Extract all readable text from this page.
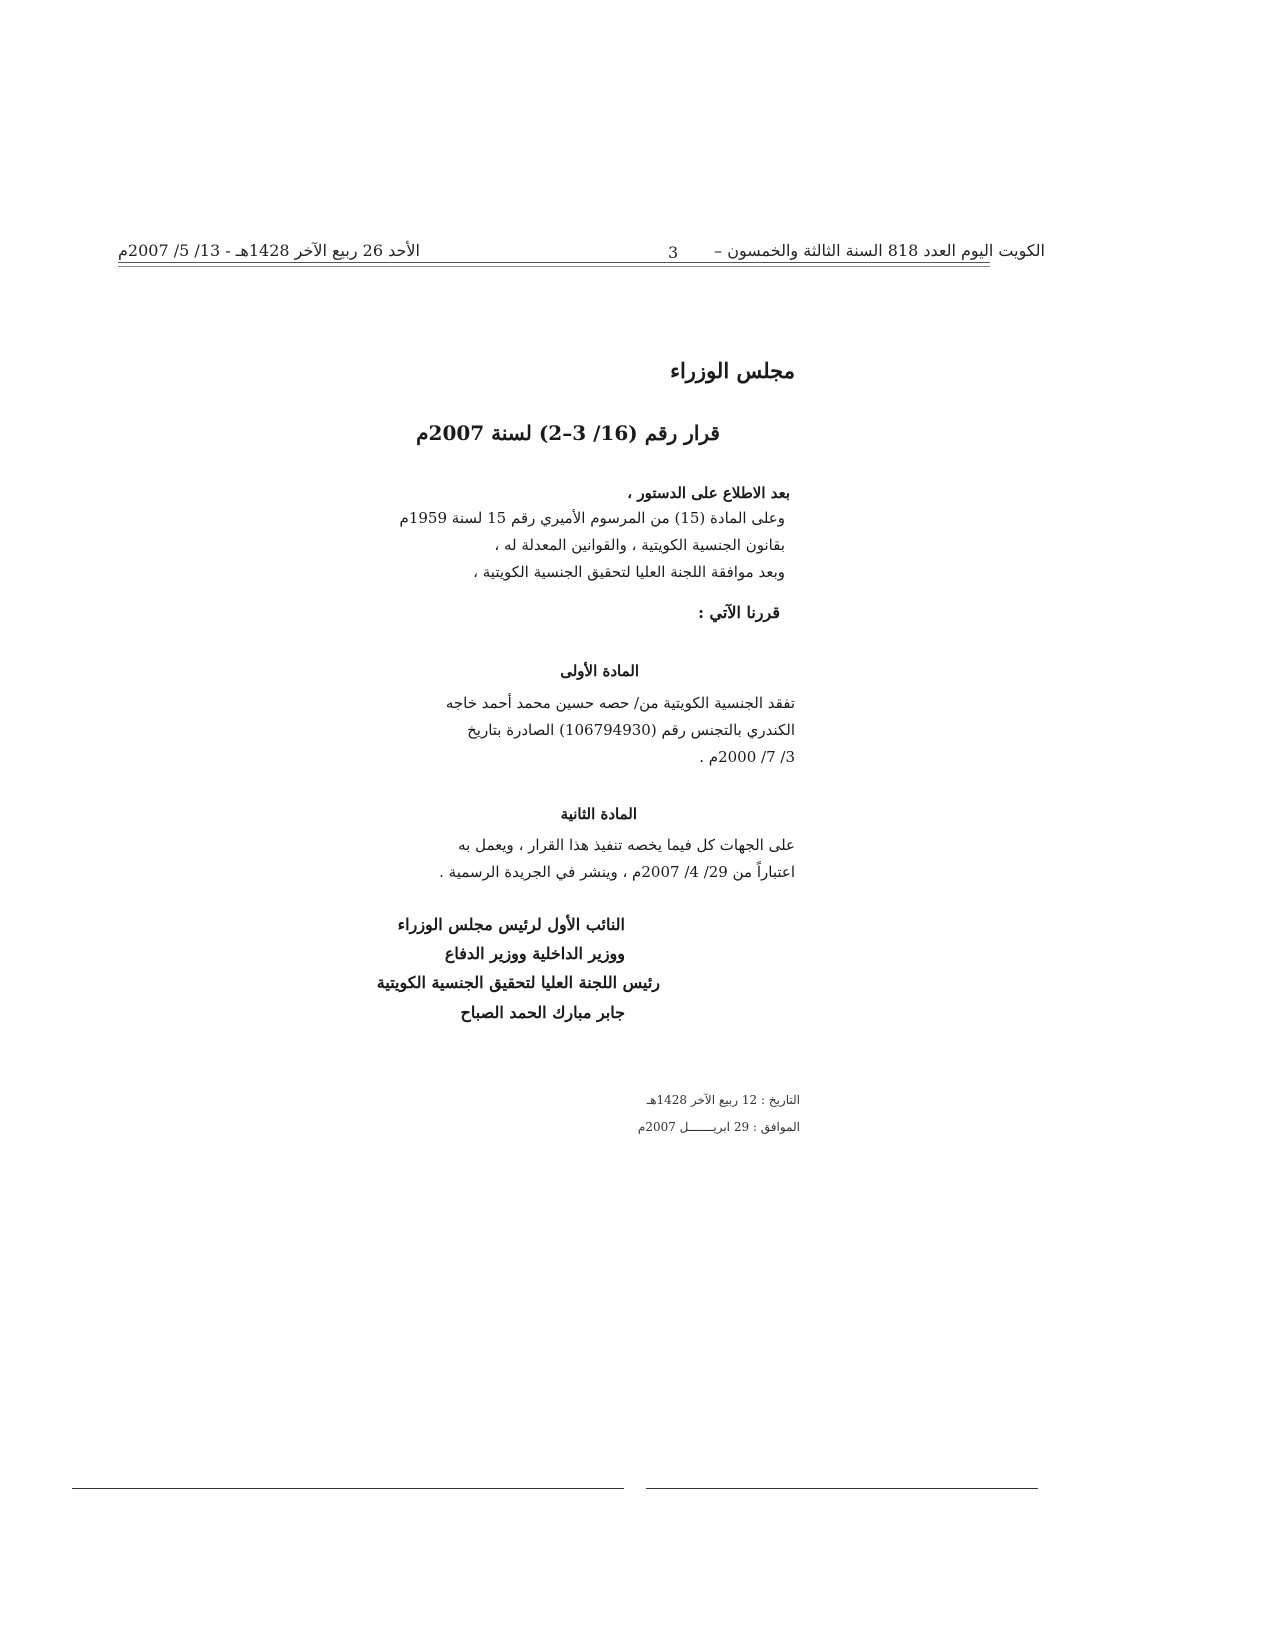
الكويت اليوم العدد 818 السنة الثالثة والخمسون –
3
الأحد 26 ربيع الآخر 1428هـ - 13/ 5/ 2007م
مجلس الوزراء
قرار رقم (16/ 3–2) لسنة 2007م
بعد الاطلاع على الدستور ،
وعلى المادة (15) من المرسوم الأميري رقم 15 لسنة 1959م
بقانون الجنسية الكويتية ، والقوانين المعدلة له ،
وبعد موافقة اللجنة العليا لتحقيق الجنسية الكويتية ،
قررنا الآتي :
المادة الأولى
تفقد الجنسية الكويتية من/ حصه حسين محمد أحمد خاجه
الكندري بالتجنس رقم (106794930) الصادرة بتاريخ
3/ 7/ 2000م .
المادة الثانية
على الجهات كل فيما يخصه تنفيذ هذا القرار ، ويعمل به
اعتباراً من 29/ 4/ 2007م ، وينشر في الجريدة الرسمية .
النائب الأول لرئيس مجلس الوزراء
ووزير الداخلية ووزير الدفاع
رئيس اللجنة العليا لتحقيق الجنسية الكويتية
جابر مبارك الحمد الصباح
التاريخ : 12 ربيع الآخر 1428هـ
الموافق : 29 ابريـــــــل 2007م
